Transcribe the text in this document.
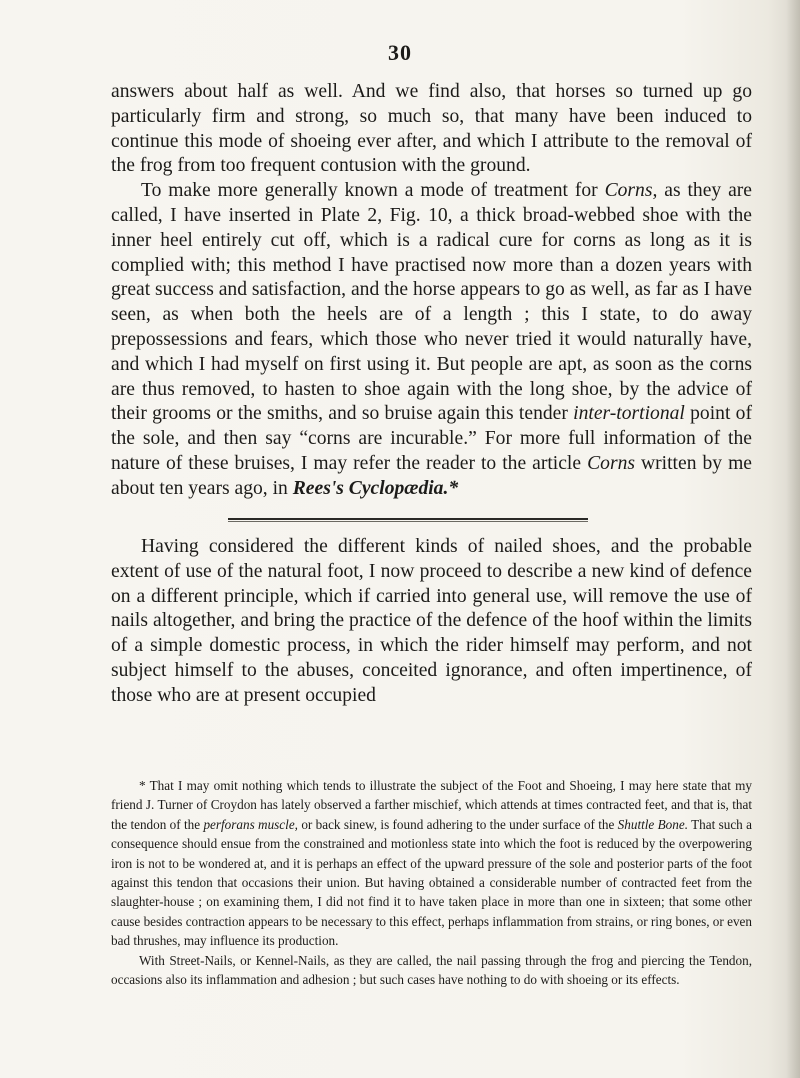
30

answers about half as well. And we find also, that horses so turned up go particularly firm and strong, so much so, that many have been induced to continue this mode of shoeing ever after, and which I attribute to the removal of the frog from too frequent contusion with the ground.

To make more generally known a mode of treatment for Corns, as they are called, I have inserted in Plate 2, Fig. 10, a thick broad-webbed shoe with the inner heel entirely cut off, which is a radical cure for corns as long as it is complied with; this method I have practised now more than a dozen years with great success and satisfaction, and the horse appears to go as well, as far as I have seen, as when both the heels are of a length ; this I state, to do away prepossessions and fears, which those who never tried it would naturally have, and which I had myself on first using it. But people are apt, as soon as the corns are thus removed, to hasten to shoe again with the long shoe, by the advice of their grooms or the smiths, and so bruise again this tender inter-tortional point of the sole, and then say “corns are incurable.” For more full information of the nature of these bruises, I may refer the reader to the article Corns written by me about ten years ago, in Rees's Cyclopædia.*

Having considered the different kinds of nailed shoes, and the probable extent of use of the natural foot, I now proceed to describe a new kind of defence on a different principle, which if carried into general use, will remove the use of nails altogether, and bring the practice of the defence of the hoof within the limits of a simple domestic process, in which the rider himself may perform, and not subject himself to the abuses, conceited ignorance, and often impertinence, of those who are at present occupied

* That I may omit nothing which tends to illustrate the subject of the Foot and Shoeing, I may here state that my friend J. Turner of Croydon has lately observed a farther mischief, which attends at times contracted feet, and that is, that the tendon of the perforans muscle, or back sinew, is found adhering to the under surface of the Shuttle Bone. That such a consequence should ensue from the constrained and motionless state into which the foot is reduced by the overpowering iron is not to be wondered at, and it is perhaps an effect of the upward pressure of the sole and posterior parts of the foot against this tendon that occasions their union. But having obtained a considerable number of contracted feet from the slaughter-house ; on examining them, I did not find it to have taken place in more than one in sixteen; that some other cause besides contraction appears to be necessary to this effect, perhaps inflammation from strains, or ring bones, or even bad thrushes, may influence its production.

With Street-Nails, or Kennel-Nails, as they are called, the nail passing through the frog and piercing the Tendon, occasions also its inflammation and adhesion ; but such cases have nothing to do with shoeing or its effects.
